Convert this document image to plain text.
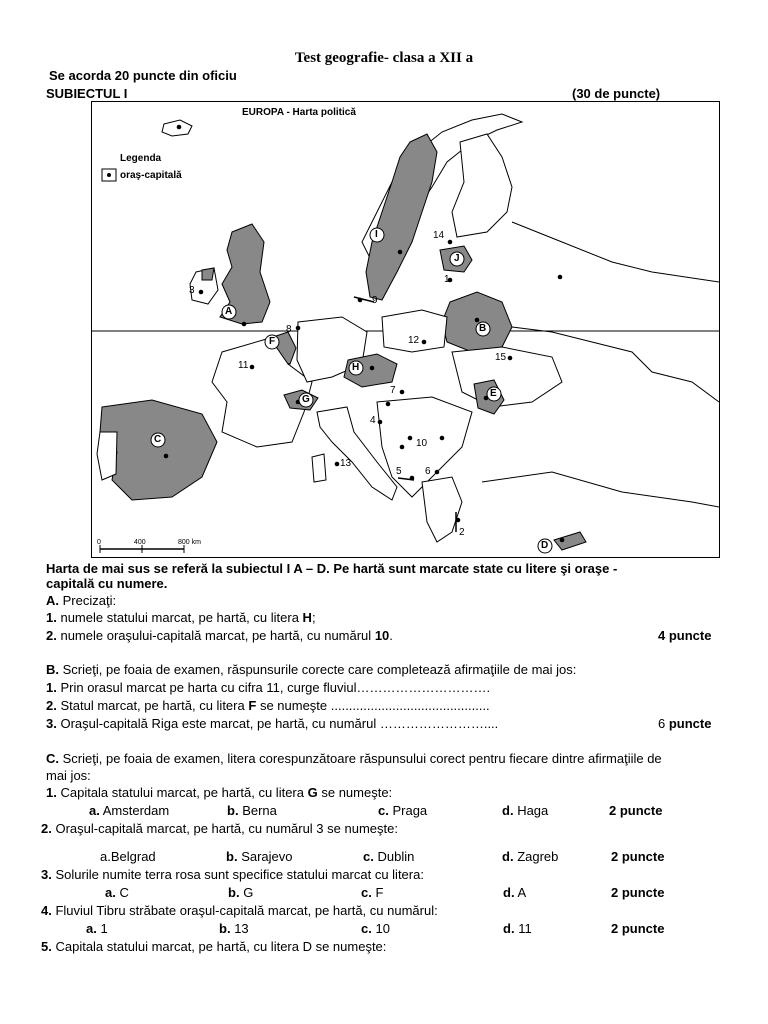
Test geografie- clasa a XII a
Se acorda 20 puncte din oficiu
SUBIECTUL I	(30 de puncte)
EUROPA - Harta politică
Legenda
oraş-capitală
A
B
C
D
E
F
G
H
I
J
1
2
3
4
5 6
7
8
9
10
11
12
13
14
15
0	400	800 km
Harta de mai sus se referă la subiectul I A – D. Pe hartă sunt marcate state cu litere şi oraşe -
capitală cu numere.
A. Precizaţi:
1. numele statului marcat, pe hartă, cu litera H;
2. numele oraşului-capitală marcat, pe hartă, cu numărul 10.	4 puncte
B. Scrieţi, pe foaia de examen, răspunsurile corecte care completează afirmaţiile de mai jos:
1. Prin orasul marcat pe harta cu cifra 11, curge fluviul………………………….
2. Statul marcat, pe hartă, cu litera F se numeşte ............................................
3. Oraşul-capitală Riga este marcat, pe hartă, cu numărul ……………………....	6 puncte
C. Scrieţi, pe foaia de examen, litera corespunzătoare răspunsului corect pentru fiecare dintre afirmaţiile de
mai jos:
1. Capitala statului marcat, pe hartă, cu litera G se numeşte:
a. Amsterdam	b. Berna	c. Praga	d. Haga	2 puncte
2. Oraşul-capitală marcat, pe hartă, cu numărul 3 se numeşte:
a.Belgrad	b. Sarajevo	c. Dublin	d. Zagreb	2 puncte
3. Solurile numite terra rosa sunt specifice statului marcat cu litera:
a. C	b. G	c. F	d. A	2 puncte
4. Fluviul Tibru străbate oraşul-capitală marcat, pe hartă, cu numărul:
a. 1	b. 13	c. 10	d. 11	2 puncte
5. Capitala statului marcat, pe hartă, cu litera D se numeşte:
